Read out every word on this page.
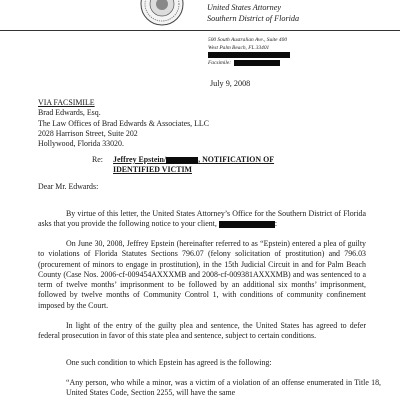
United States Attorney
Southern District of Florida
500 South Australian Ave., Suite 400
West Palm Beach, FL 33401
Facsimile:
July 9, 2008
VIA FACSIMILE
Brad Edwards, Esq.
The Law Offices of Brad Edwards & Associates, LLC
2028 Harrison Street, Suite 202
Hollywood, Florida 33020.
Re: Jeffrey Epstein/	, NOTIFICATION OF
IDENTIFIED VICTIM
Dear Mr. Edwards:
By virtue of this letter, the United States Attorney’s Office for the Southern District of Florida asks that you provide the following notice to your client,	:
On June 30, 2008, Jeffrey Epstein (hereinafter referred to as “Epstein) entered a plea of guilty to violations of Florida Statutes Sections 796.07 (felony solicitation of prostitution) and 796.03 (procurement of minors to engage in prostitution), in the 15th Judicial Circuit in and for Palm Beach County (Case Nos. 2006-cf-009454AXXXMB and 2008-cf-009381AXXXMB) and was sentenced to a term of twelve months’ imprisonment to be followed by an additional six months’ imprisonment, followed by twelve months of Community Control 1, with conditions of community confinement imposed by the Court.
In light of the entry of the guilty plea and sentence, the United States has agreed to defer federal prosecution in favor of this state plea and sentence, subject to certain conditions.
One such condition to which Epstein has agreed is the following:
“Any person, who while a minor, was a victim of a violation of an offense enumerated in Title 18, United States Code, Section 2255, will have the same
